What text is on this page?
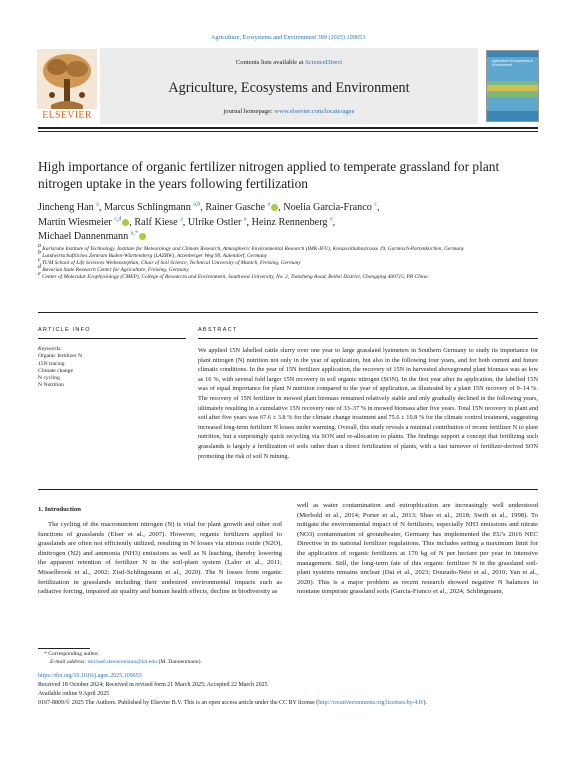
Agriculture, Ecosystems and Environment 389 (2025) 109653
Contents lists available at ScienceDirect
Agriculture, Ecosystems and Environment
journal homepage: www.elsevier.com/locate/agee
ELSEVIER
Agriculture Ecosystems & Environment
High importance of organic fertilizer nitrogen applied to temperate grassland for plant nitrogen uptake in the years following fertilization
Jincheng Han $^a$, Marcus Schlingmann $^{a,b}$, Rainer Gasche $^a$ , Noelia Garcia-Franco $^c$,
Martin Wiesmeier $^{c,d}$ , Ralf Kiese $^a$, Ulrike Ostler $^a$, Heinz Rennenberg $^e$,
Michael Dannenmann $^{a,*}$
$^a$ Karlsruhe Institute of Technology, Institute for Meteorology and Climate Research, Atmospheric Environmental Research (IMK-IFU), Kreuzeckbahnstrasse 19, Garmisch-Partenkirchen, Germany
$^b$ Landwirtschaftliches Zentrum Baden-Württemberg (LAZBW), Atzenberger Weg 99, Aulendorf, Germany
$^c$ TUM School of Life Sciences Weihenstephan, Chair of Soil Science, Technical University of Munich, Freising, Germany
$^d$ Bavarian State Research Center for Agriculture, Freising, Germany
$^e$ Center of Molecular Ecophysiology (CMEP), College of Resources and Environment, Southwest University, No. 2, Tiansheng Road, Beibei District, Chongqing 400715, PR China
ARTICLE INFO
Keywords:
Organic fertilizer N
15N tracing
Climate change
N cycling
N Nutrition
ABSTRACT
We applied 15N labelled cattle slurry over one year to large grassland lysimeters in Southern Germany to study its importance for plant nitrogen (N) nutrition not only in the year of application, but also in the following four years, and for both current and future climatic conditions. In the year of 15N fertilizer application, the recovery of 15N in harvested aboveground plant biomass was as low as 16 %, with several fold larger 15N recovery in soil organic nitrogen (SON). In the first year after its application, the labelled 15N was of equal importance for plant N nutrition compared to the year of application, as illustrated by a plant 15N recovery of 9–14 %. The recovery of 15N fertilizer in mowed plant biomass remained relatively stable and only gradually declined in the following years, ultimately resulting in a cumulative 15N recovery rate of 33–37 % in mowed biomass after five years. Total 15N recovery in plant and soil after five years was 67.6 ± 3.8 % for the climate change treatment and 75.6 ± 10.8 % for the climate control treatment, suggesting increased long-term fertilizer N losses under warming. Overall, this study reveals a minimal contribution of recent fertilizer N to plant nutrition, but a surprisingly quick recycling via SON and re-allocation to plants. The findings support a concept that fertilizing such grasslands is largely a fertilization of soils rather than a direct fertilization of plants, with a fast turnover of fertilizer-derived SON promoting the risk of soil N mining.
1. Introduction
The cycling of the macronutrient nitrogen (N) is vital for plant growth and other soil functions of grasslands (Elser et al., 2007). However, organic fertilizers applied to grasslands are often not efficiently utilized, resulting in N losses via nitrous oxide (N2O), dinitrogen (N2) and ammonia (NH3) emissions as well as N leaching, thereby lowering the apparent retention of fertilizer N in the soil-plant system (Lalor et al., 2011; Misselbrook et al., 2002; Zistl-Schlingmann et al., 2020). The N losses from organic fertilization in grasslands including their undesired environmental impacts such as radiative forcing, impaired air quality and human health effects, decline in biodiversity as
well as water contamination and eutrophication are increasingly well understood (Merbold et al., 2014; Porter et al., 2013; Shao et al., 2018; Swift et al., 1998). To mitigate the environmental impact of N fertilizers, especially NH3 emissions and nitrate (NO3) contamination of groundwater, Germany has implemented the EU's 2016 NEC Directive in its national fertilizer regulations. This includes setting a maximum limit for the application of organic fertilizers at 170 kg of N per hectare per year in intensive management. Still, the long-term fate of this organic fertilizer N in the grassland soil-plant systems remains unclear (Dai et al., 2023; Dourado-Neto et al., 2010; Yan et al., 2020). This is a major problem as recent research showed negative N balances in montane temperate grassland soils (Garcia-Franco et al., 2024; Schlingmann,
* Corresponding author.
E-mail address: michael.dannenmann@kit.edu (M. Dannenmann).
https://doi.org/10.1016/j.agee.2025.109653
Received 18 October 2024; Received in revised form 21 March 2025; Accepted 22 March 2025
Available online 9 April 2025
0167-8809/© 2025 The Authors. Published by Elsevier B.V. This is an open access article under the CC BY license (http://creativecommons.org/licenses/by/4.0/).
